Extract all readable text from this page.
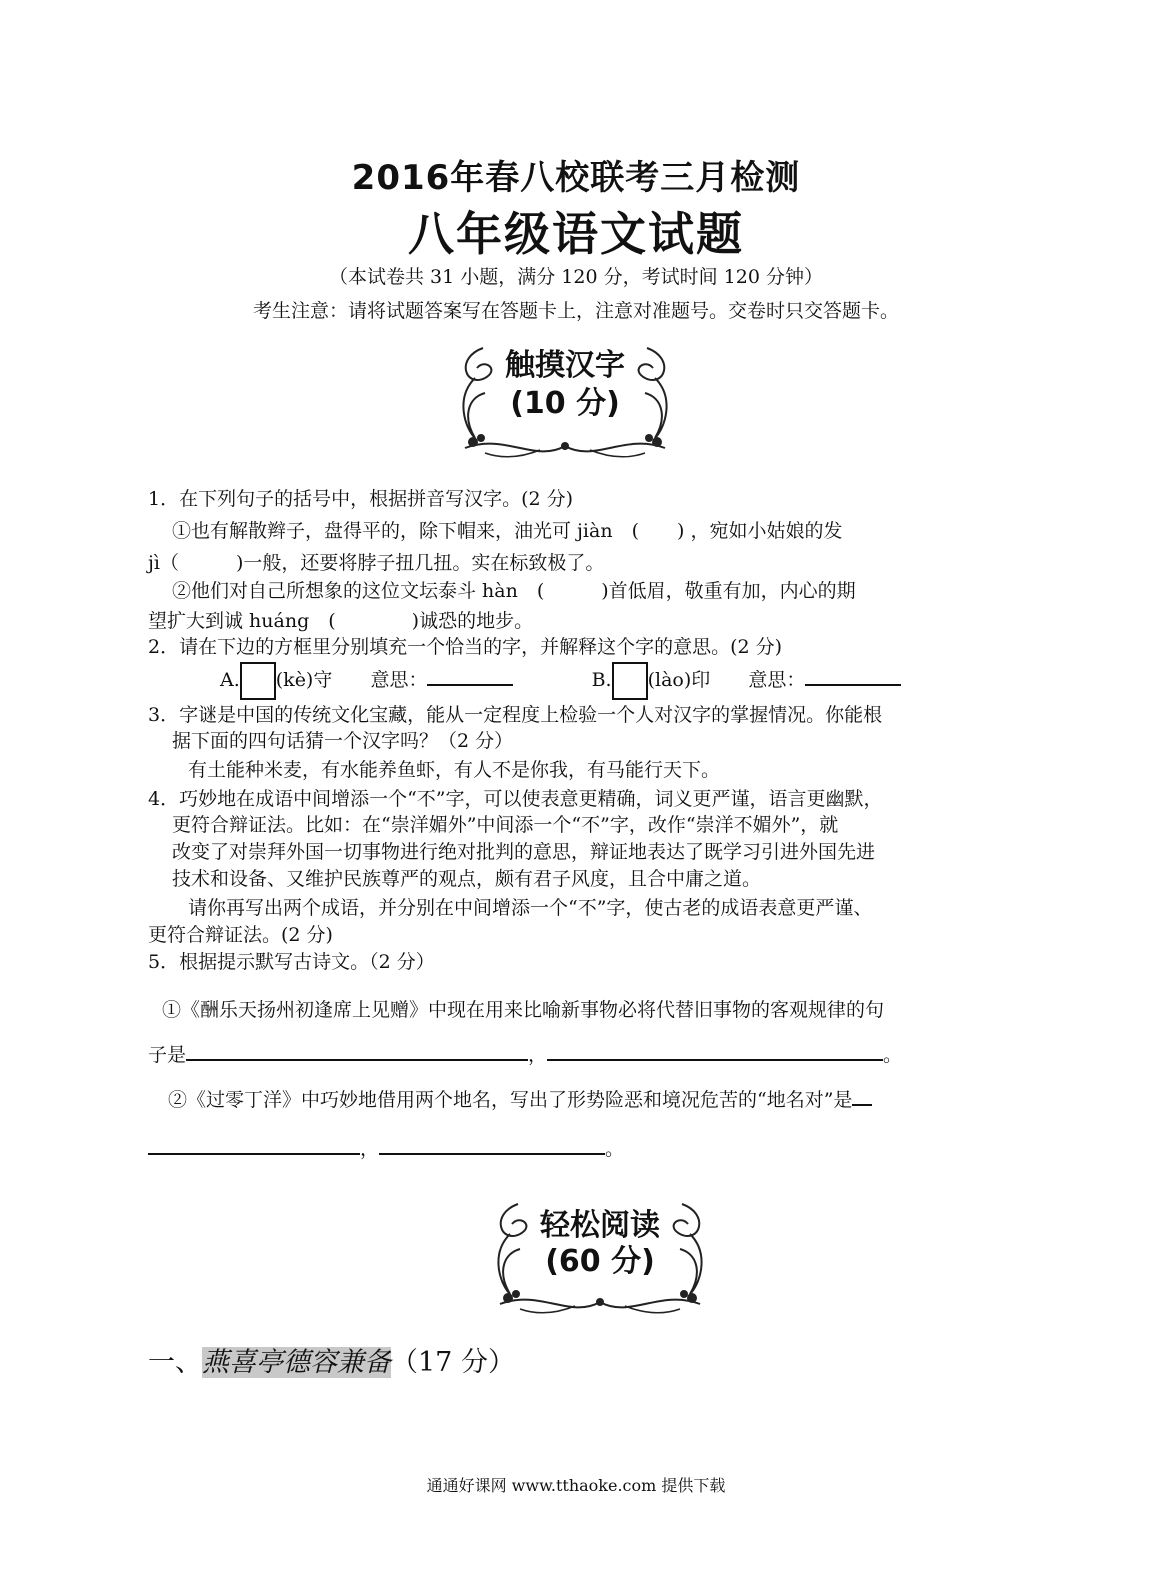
2016年春八校联考三月检测
八年级语文试题
（本试卷共 31 小题，满分 120 分，考试时间 120 分钟）
考生注意：请将试题答案写在答题卡上，注意对准题号。交卷时只交答题卡。
触摸汉字
(10 分)
1．在下列句子的括号中，根据拼音写汉字。(2 分)
①也有解散辫子，盘得平的，除下帽来，油光可 jiàn　(　　) ，宛如小姑娘的发
jì（　　　)一般，还要将脖子扭几扭。实在标致极了。
②他们对自己所想象的这位文坛泰斗 hàn　(　　　)首低眉，敬重有加，内心的期
望扩大到诚 huáng　(　　　　)诚恐的地步。
2．请在下边的方框里分别填充一个恰当的字，并解释这个字的意思。(2 分)
A. (kè)守 意思：	B. (lào)印 意思：
3．字谜是中国的传统文化宝藏，能从一定程度上检验一个人对汉字的掌握情况。你能根
据下面的四句话猜一个汉字吗？（2 分）
有土能种米麦，有水能养鱼虾，有人不是你我，有马能行天下。
4．巧妙地在成语中间增添一个“不”字，可以使表意更精确，词义更严谨，语言更幽默，
更符合辩证法。比如：在“崇洋媚外”中间添一个“不”字，改作“崇洋不媚外”，就
改变了对崇拜外国一切事物进行绝对批判的意思，辩证地表达了既学习引进外国先进
技术和设备、又维护民族尊严的观点，颇有君子风度，且合中庸之道。
请你再写出两个成语，并分别在中间增添一个“不”字，使古老的成语表意更严谨、
更符合辩证法。(2 分)
5．根据提示默写古诗文。（2 分）
①《酬乐天扬州初逢席上见赠》中现在用来比喻新事物必将代替旧事物的客观规律的句
子是	，	。
②《过零丁洋》中巧妙地借用两个地名，写出了形势险恶和境况危苦的“地名对”是
，	。
轻松阅读
(60 分)
一、燕喜亭德容兼备（17 分）
通通好课网 www.tthaoke.com 提供下载
